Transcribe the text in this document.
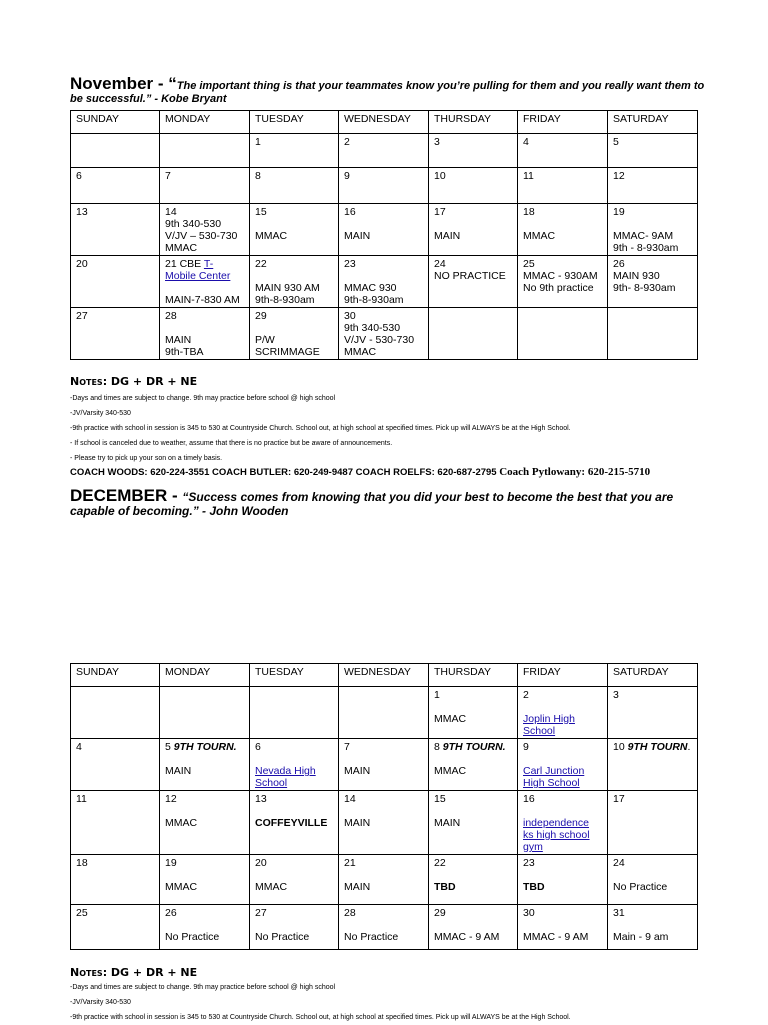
November - “The important thing is that your teammates know you’re pulling for them and you really want them to
be successful.” - Kobe Bryant
SUNDAY	MONDAY	TUESDAY	WEDNESDAY	THURSDAY	FRIDAY	SATURDAY

		1	2	3	4	5

6	7	8	9	10	11	12

13	14
9th 340-530
V/JV – 530-730
MMAC	15
MMAC	16
MAIN	17
MAIN	18
MMAC	19
MMAC- 9AM
9th - 8-930am

20	21 CBE T-
Mobile Center
MAIN-7-830 AM	22
MAIN 930 AM
9th-8-930am	23
MMAC 930
9th-8-930am	24
NO PRACTICE	25
MMAC - 930AM
No 9th practice	26
MAIN 930
9th- 8-930am

27	28
MAIN
9th-TBA	29
P/W
SCRIMMAGE	30
9th 340-530
V/JV - 530-730
MMAC			

Notes: DG + DR + NE
-Days and times are subject to change. 9th may practice before school @ high school
-JV/Varsity 340-530
-9th practice with school in session is 345 to 530 at Countryside Church. School out, at high school at specified times. Pick up will ALWAYS be at the High School.
- If school is canceled due to weather, assume that there is no practice but be aware of announcements.
- Please try to pick up your son on a timely basis.
COACH WOODS: 620-224-3551 COACH BUTLER: 620-249-9487 COACH ROELFS: 620-687-2795 Coach Pytlowany: 620-215-5710
DECEMBER - “Success comes from knowing that you did your best to become the best that you are
capable of becoming.” - John Wooden
SUNDAY	MONDAY	TUESDAY	WEDNESDAY	THURSDAY	FRIDAY	SATURDAY

				1
MMAC	2
Joplin High
School	3

4	5 9TH TOURN.
MAIN	6
Nevada High
School	7
MAIN	8 9TH TOURN.
MMAC	9
Carl Junction
High School	10 9TH TOURN.

11	12
MMAC	13
COFFEYVILLE	14
MAIN	15
MAIN	16
independence
ks high school
gym	17

18	19
MMAC	20
MMAC	21
MAIN	22
TBD	23
TBD	24
No Practice

25	26
No Practice	27
No Practice	28
No Practice	29
MMAC - 9 AM	30
MMAC - 9 AM	31
Main - 9 am
Notes: DG + DR + NE
-Days and times are subject to change. 9th may practice before school @ high school
-JV/Varsity 340-530
-9th practice with school in session is 345 to 530 at Countryside Church. School out, at high school at specified times. Pick up will ALWAYS be at the High School.
